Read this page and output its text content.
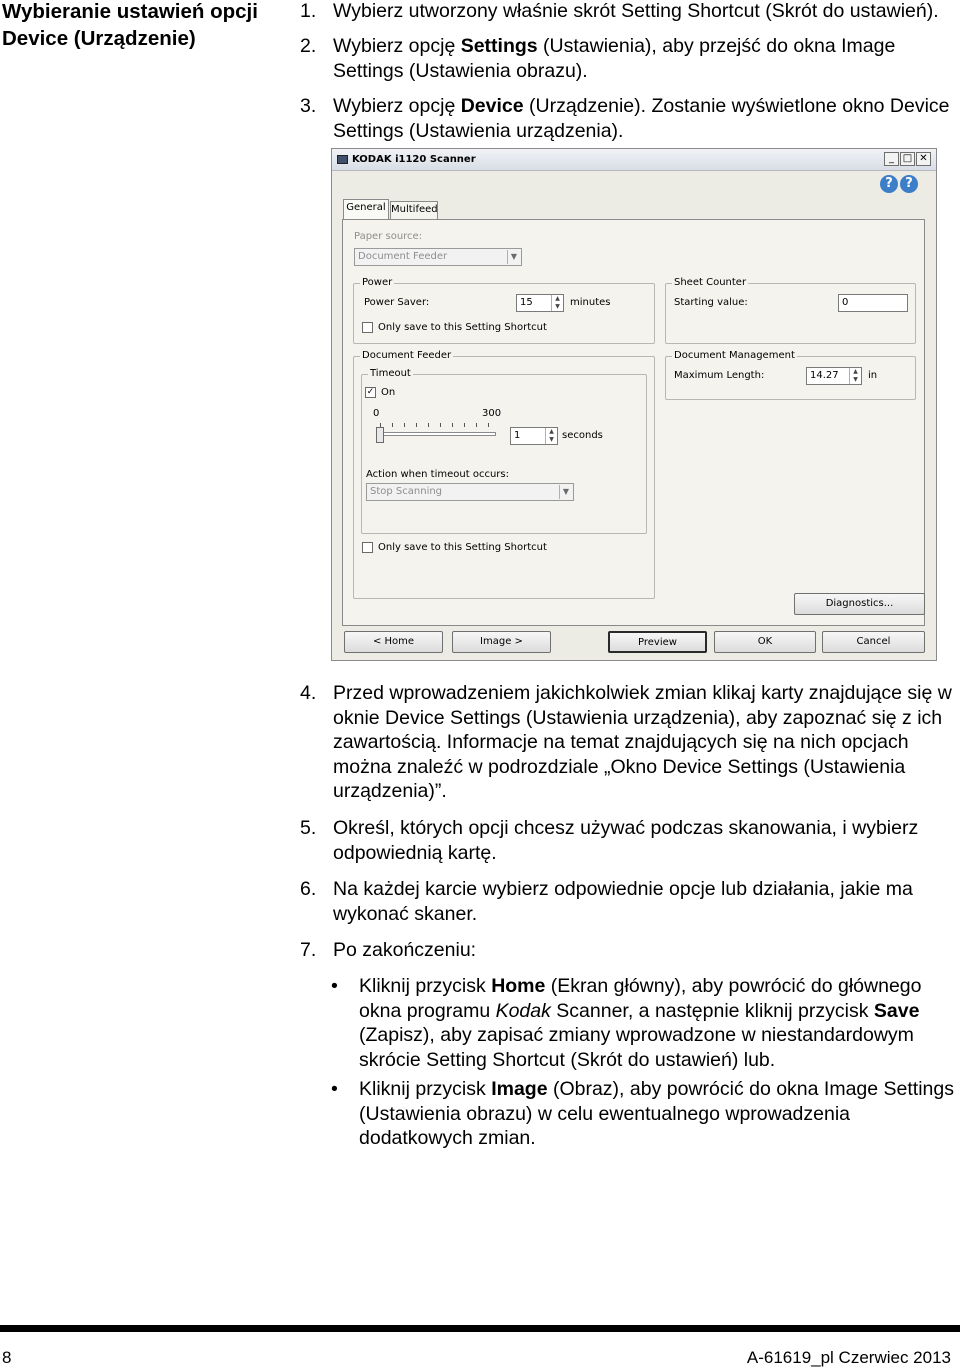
Wybieranie ustawień opcji Device (Urządzenie)
1. Wybierz utworzony właśnie skrót Setting Shortcut (Skrót do ustawień).
2. Wybierz opcję Settings (Ustawienia), aby przejść do okna Image Settings (Ustawienia obrazu).
3. Wybierz opcję Device (Urządzenie). Zostanie wyświetlone okno Device Settings (Ustawienia urządzenia).
KODAK i1120 Scanner	_ □ ✕
? ?
General Multifeed
Paper source:
Document Feeder	▼
Power
Power Saver:	15	▲
▼	minutes
Only save to this Setting Shortcut
Sheet Counter
Starting value:	0
Document Feeder
Timeout
✓ On
0	300
1	▲
▼ seconds
Action when timeout occurs:
Stop Scanning	▼
Only save to this Setting Shortcut
Document Management
Maximum Length:	14.27	▲
▼	in
Diagnostics...
< Home	Image >	Preview	OK	Cancel
4. Przed wprowadzeniem jakichkolwiek zmian klikaj karty znajdujące się w oknie Device Settings (Ustawienia urządzenia), aby zapoznać się z ich zawartością. Informacje na temat znajdujących się na nich opcjach można znaleźć w podrozdziale „Okno Device Settings (Ustawienia urządzenia)”.
5. Określ, których opcji chcesz używać podczas skanowania, i wybierz odpowiednią kartę.
6. Na każdej karcie wybierz odpowiednie opcje lub działania, jakie ma wykonać skaner.
7. Po zakończeniu:
• Kliknij przycisk Home (Ekran główny), aby powrócić do głównego okna programu Kodak Scanner, a następnie kliknij przycisk Save (Zapisz), aby zapisać zmiany wprowadzone w niestandardowym skrócie Setting Shortcut (Skrót do ustawień) lub.
• Kliknij przycisk Image (Obraz), aby powrócić do okna Image Settings (Ustawienia obrazu) w celu ewentualnego wprowadzenia dodatkowych zmian.
8	A-61619_pl Czerwiec 2013
